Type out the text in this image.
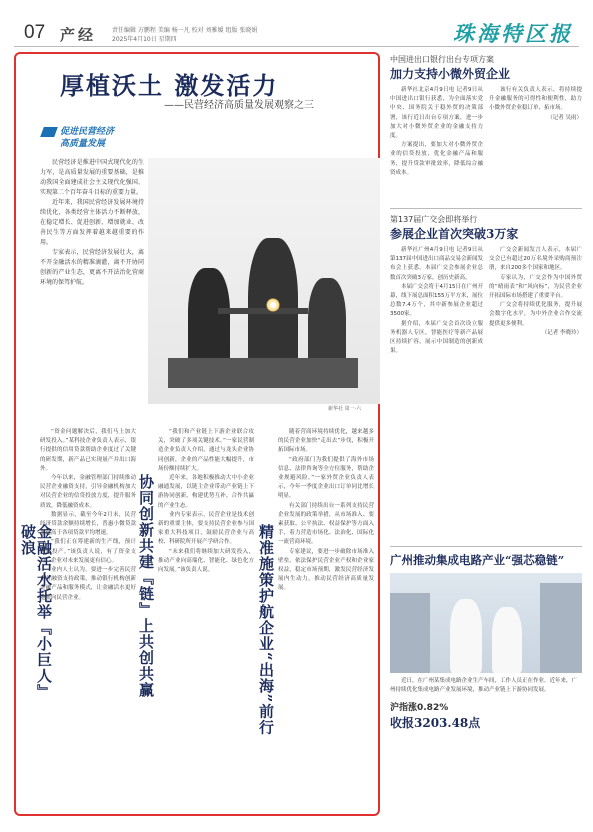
07 产经	责任编辑 方鹏程 美编 杨一凡 校对 刘雅媛 组版 张晓娟
2025年4月10日 星期四	珠海特区报
厚植沃土 激发活力
——民营经济高质量发展观察之三
促进民营经济
高质量发展

民营经济是推进中国式现代化的生力军，是高质量发展的重要基础，是推动我国全面建成社会主义现代化强国、实现第二个百年奋斗目标的重要力量。

近年来，我国民营经济发展环境持续优化，各类经营主体活力不断释放，在稳定增长、促进创新、增加就业、改善民生等方面发挥着越来越重要的作用。

专家表示，民营经济发展壮大，离不开金融活水的精准滴灌，离不开协同创新的产业生态，更离不开法治化营商环境的保驾护航。

新华社 周一·六
金融活水托举『小巨人』破浪

“资金问题解决后，我们马上加大研发投入。”某科技企业负责人表示，银行提供的信用贷款帮助企业度过了关键的研发期，新产品已实现量产并出口海外。

今年以来，金融管理部门持续推动民营企业融资支持，引导金融机构加大对民营企业的信贷投放力度，提升服务质效，降低融资成本。

数据显示，截至今年2月末，民营经济贷款余额持续增长，普惠小微贷款增速高于各项贷款平均增速。

“我们正在筹建新的生产线，预计年底投产。”该负责人说，有了资金支持，企业对未来发展更有信心。

业内人士认为，要进一步完善民营企业融资支持政策，推动银行机构创新金融产品和服务模式，让金融活水更好地流向民营企业。	协同创新共建『链』上共创共赢

“我们和产业链上下游企业联合攻关，突破了多项关键技术。”一家民营制造企业负责人介绍，通过与龙头企业协同创新，企业的产品性能大幅提升，市场份额持续扩大。

近年来，各地积极推动大中小企业融通发展，以链主企业带动产业链上下游协同创新，构建优势互补、合作共赢的产业生态。

业内专家表示，民营企业是技术创新的重要主体，要支持民营企业参与国家重大科技项目，鼓励民营企业与高校、科研院所开展产学研合作。

“未来我们将继续加大研发投入，推动产业向高端化、智能化、绿色化方向发展。”该负责人说。	精准施策护航企业“出海”前行

随着营商环境持续优化，越来越多的民营企业加快“走出去”步伐，积极开拓国际市场。

“政府部门为我们提供了海外市场信息、法律咨询等全方位服务，帮助企业规避风险。”一家外贸企业负责人表示，今年一季度企业出口订单同比增长明显。

有关部门持续出台一系列支持民营企业发展的政策举措，从市场准入、要素获取、公平执法、权益保护等方面入手，着力营造市场化、法治化、国际化一流营商环境。

专家建议，要进一步破除市场准入壁垒，依法保护民营企业产权和企业家权益，稳定市场预期，激发民营经济发展内生动力，推动民营经济高质量发展。

中国进出口银行出台专项方案
加力支持小微外贸企业

新华社北京4月9日电 记者9日从中国进出口银行获悉，为全面落实党中央、国务院关于稳外贸的决策部署，该行近日出台专项方案，进一步加大对小微外贸企业的金融支持力度。

方案提出，要加大对小微外贸企业的信贷投放，优化金融产品和服务，提升贷款审批效率，降低综合融资成本。

该行有关负责人表示，将持续提升金融服务的可得性和便利性，助力小微外贸企业稳订单、拓市场。

（记者 吴雨）
第137届广交会即将举行
参展企业首次突破3万家

新华社广州4月9日电 记者9日从第137届中国进出口商品交易会新闻发布会上获悉，本届广交会参展企业总数首次突破3万家，创历史新高。

本届广交会将于4月15日在广州开幕，线下展总面积155万平方米，展位总数7.4万个，其中新参展企业超过3500家。

据介绍，本届广交会首次设立服务机器人专区，智能医疗等新产品展区持续扩容，展示中国制造的创新成果。

广交会新闻发言人表示，本届广交会已有超过20万名境外采购商预注册，来自200多个国家和地区。

专家认为，广交会作为中国外贸的“晴雨表”和“风向标”，为民营企业开拓国际市场搭建了重要平台。

广交会将持续优化服务，提升展会数字化水平，为中外企业合作交流提供更多便利。

（记者 李晓玲）
广州推动集成电路产业“强芯稳链”
近日，在广州某集成电路企业生产车间，工作人员正在作业。近年来，广州持续优化集成电路产业发展环境，推动产业链上下游协同发展。
沪指涨0.82%
收报3203.48点
